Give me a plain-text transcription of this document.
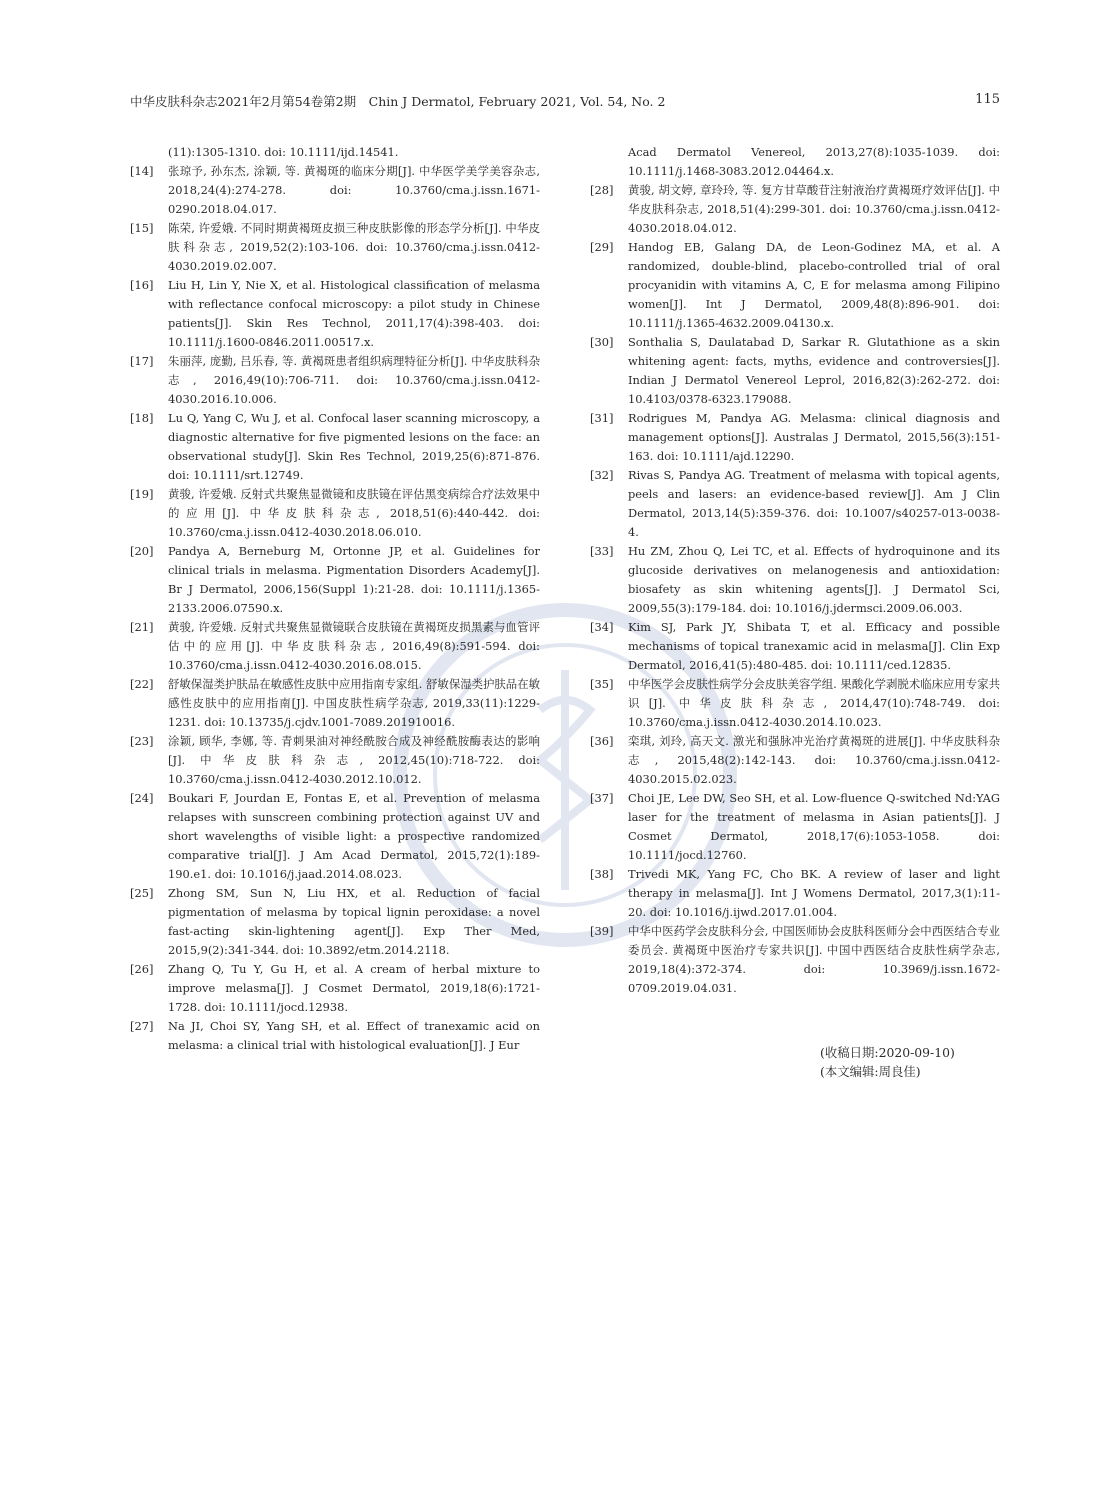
中华皮肤科杂志2021年2月第54卷第2期　Chin J Dermatol, February 2021, Vol. 54, No. 2	115

(11):1305-1310. doi: 10.1111/ijd.14541.

[14] 张琼予, 孙东杰, 涂颖, 等. 黄褐斑的临床分期[J]. 中华医学美学美容杂志, 2018,24(4):274-278. doi: 10.3760/cma.j.issn.1671-0290.2018.04.017.

[15] 陈荣, 许爱娥. 不同时期黄褐斑皮损三种皮肤影像的形态学分析[J]. 中华皮肤科杂志, 2019,52(2):103-106. doi: 10.3760/cma.j.issn.0412-4030.2019.02.007.

[16] Liu H, Lin Y, Nie X, et al. Histological classification of melasma with reflectance confocal microscopy: a pilot study in Chinese patients[J]. Skin Res Technol, 2011,17(4):398-403. doi: 10.1111/j.1600-0846.2011.00517.x.

[17] 朱丽萍, 庞勤, 吕乐春, 等. 黄褐斑患者组织病理特征分析[J]. 中华皮肤科杂志, 2016,49(10):706-711. doi: 10.3760/cma.j.issn.0412-4030.2016.10.006.

[18] Lu Q, Yang C, Wu J, et al. Confocal laser scanning microscopy, a diagnostic alternative for five pigmented lesions on the face: an observational study[J]. Skin Res Technol, 2019,25(6):871-876. doi: 10.1111/srt.12749.

[19] 黄骏, 许爱娥. 反射式共聚焦显微镜和皮肤镜在评估黑变病综合疗法效果中的应用[J]. 中华皮肤科杂志, 2018,51(6):440-442. doi: 10.3760/cma.j.issn.0412-4030.2018.06.010.

[20] Pandya A, Berneburg M, Ortonne JP, et al. Guidelines for clinical trials in melasma. Pigmentation Disorders Academy[J]. Br J Dermatol, 2006,156(Suppl 1):21-28. doi: 10.1111/j.1365-2133.2006.07590.x.

[21] 黄骏, 许爱娥. 反射式共聚焦显微镜联合皮肤镜在黄褐斑皮损黑素与血管评估中的应用[J]. 中华皮肤科杂志, 2016,49(8):591-594. doi: 10.3760/cma.j.issn.0412-4030.2016.08.015.

[22] 舒敏保湿类护肤品在敏感性皮肤中应用指南专家组. 舒敏保湿类护肤品在敏感性皮肤中的应用指南[J]. 中国皮肤性病学杂志, 2019,33(11):1229-1231. doi: 10.13735/j.cjdv.1001-7089.201910016.

[23] 涂颖, 顾华, 李娜, 等. 青刺果油对神经酰胺合成及神经酰胺酶表达的影响[J]. 中华皮肤科杂志, 2012,45(10):718-722. doi: 10.3760/cma.j.issn.0412-4030.2012.10.012.

[24] Boukari F, Jourdan E, Fontas E, et al. Prevention of melasma relapses with sunscreen combining protection against UV and short wavelengths of visible light: a prospective randomized comparative trial[J]. J Am Acad Dermatol, 2015,72(1):189-190.e1. doi: 10.1016/j.jaad.2014.08.023.

[25] Zhong SM, Sun N, Liu HX, et al. Reduction of facial pigmentation of melasma by topical lignin peroxidase: a novel fast-acting skin-lightening agent[J]. Exp Ther Med, 2015,9(2):341-344. doi: 10.3892/etm.2014.2118.

[26] Zhang Q, Tu Y, Gu H, et al. A cream of herbal mixture to improve melasma[J]. J Cosmet Dermatol, 2019,18(6):1721-1728. doi: 10.1111/jocd.12938.

[27] Na JI, Choi SY, Yang SH, et al. Effect of tranexamic acid on melasma: a clinical trial with histological evaluation[J]. J Eur

Acad Dermatol Venereol, 2013,27(8):1035-1039. doi: 10.1111/j.1468-3083.2012.04464.x.

[28] 黄骏, 胡文婷, 章玲玲, 等. 复方甘草酸苷注射液治疗黄褐斑疗效评估[J]. 中华皮肤科杂志, 2018,51(4):299-301. doi: 10.3760/cma.j.issn.0412-4030.2018.04.012.

[29] Handog EB, Galang DA, de Leon-Godinez MA, et al. A randomized, double-blind, placebo-controlled trial of oral procyanidin with vitamins A, C, E for melasma among Filipino women[J]. Int J Dermatol, 2009,48(8):896-901. doi: 10.1111/j.1365-4632.2009.04130.x.

[30] Sonthalia S, Daulatabad D, Sarkar R. Glutathione as a skin whitening agent: facts, myths, evidence and controversies[J]. Indian J Dermatol Venereol Leprol, 2016,82(3):262-272. doi: 10.4103/0378-6323.179088.

[31] Rodrigues M, Pandya AG. Melasma: clinical diagnosis and management options[J]. Australas J Dermatol, 2015,56(3):151-163. doi: 10.1111/ajd.12290.

[32] Rivas S, Pandya AG. Treatment of melasma with topical agents, peels and lasers: an evidence-based review[J]. Am J Clin Dermatol, 2013,14(5):359-376. doi: 10.1007/s40257-013-0038-4.

[33] Hu ZM, Zhou Q, Lei TC, et al. Effects of hydroquinone and its glucoside derivatives on melanogenesis and antioxidation: biosafety as skin whitening agents[J]. J Dermatol Sci, 2009,55(3):179-184. doi: 10.1016/j.jdermsci.2009.06.003.

[34] Kim SJ, Park JY, Shibata T, et al. Efficacy and possible mechanisms of topical tranexamic acid in melasma[J]. Clin Exp Dermatol, 2016,41(5):480-485. doi: 10.1111/ced.12835.

[35] 中华医学会皮肤性病学分会皮肤美容学组. 果酸化学剥脱术临床应用专家共识[J]. 中华皮肤科杂志, 2014,47(10):748-749. doi: 10.3760/cma.j.issn.0412-4030.2014.10.023.

[36] 栾琪, 刘玲, 高天文. 激光和强脉冲光治疗黄褐斑的进展[J]. 中华皮肤科杂志, 2015,48(2):142-143. doi: 10.3760/cma.j.issn.0412-4030.2015.02.023.

[37] Choi JE, Lee DW, Seo SH, et al. Low-fluence Q-switched Nd:YAG laser for the treatment of melasma in Asian patients[J]. J Cosmet Dermatol, 2018,17(6):1053-1058. doi: 10.1111/jocd.12760.

[38] Trivedi MK, Yang FC, Cho BK. A review of laser and light therapy in melasma[J]. Int J Womens Dermatol, 2017,3(1):11-20. doi: 10.1016/j.ijwd.2017.01.004.

[39] 中华中医药学会皮肤科分会, 中国医师协会皮肤科医师分会中西医结合专业委员会. 黄褐斑中医治疗专家共识[J]. 中国中西医结合皮肤性病学杂志, 2019,18(4):372-374. doi: 10.3969/j.issn.1672-0709.2019.04.031.

(收稿日期:2020-09-10)
(本文编辑:周良佳)
